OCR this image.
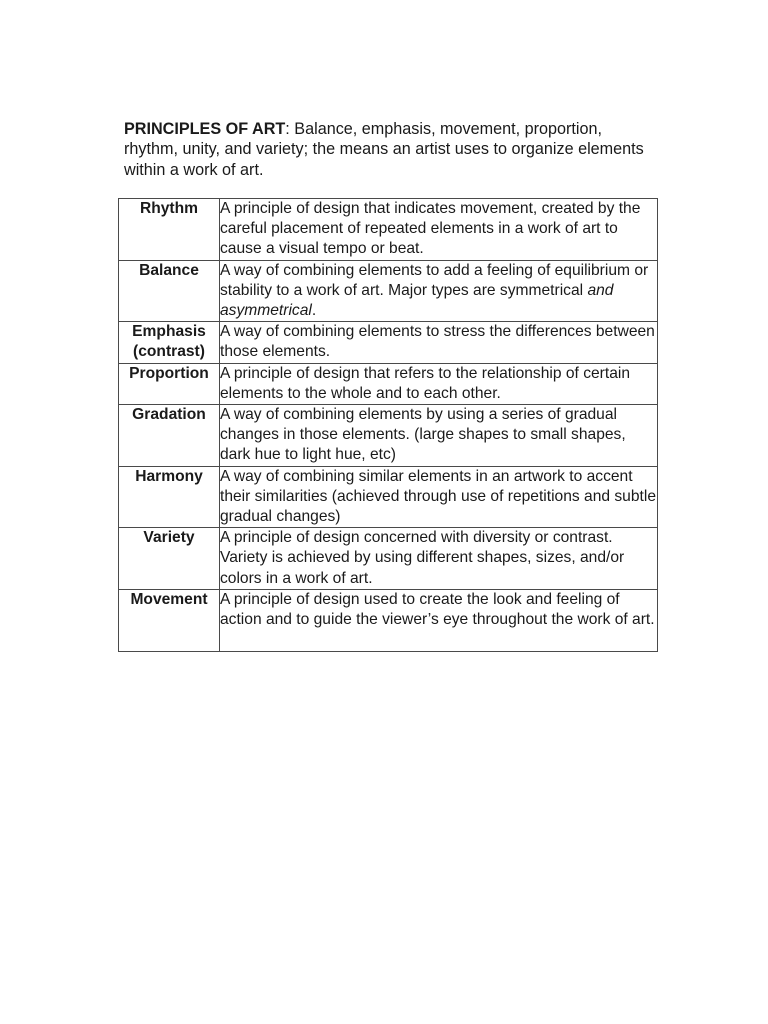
PRINCIPLES OF ART: Balance, emphasis, movement, proportion, rhythm, unity, and variety; the means an artist uses to organize elements within a work of art.

Rhythm	A principle of design that indicates movement, created by the careful placement of repeated elements in a work of art to cause a visual tempo or beat.
Balance	A way of combining elements to add a feeling of equilibrium or stability to a work of art. Major types are symmetrical and asymmetrical.
Emphasis (contrast)	A way of combining elements to stress the differences between those elements.
Proportion	A principle of design that refers to the relationship of certain elements to the whole and to each other.
Gradation	A way of combining elements by using a series of gradual changes in those elements. (large shapes to small shapes, dark hue to light hue, etc)
Harmony	A way of combining similar elements in an artwork to accent their similarities (achieved through use of repetitions and subtle gradual changes)
Variety	A principle of design concerned with diversity or contrast. Variety is achieved by using different shapes, sizes, and/or colors in a work of art.
Movement	A principle of design used to create the look and feeling of action and to guide the viewer’s eye throughout the work of art.
